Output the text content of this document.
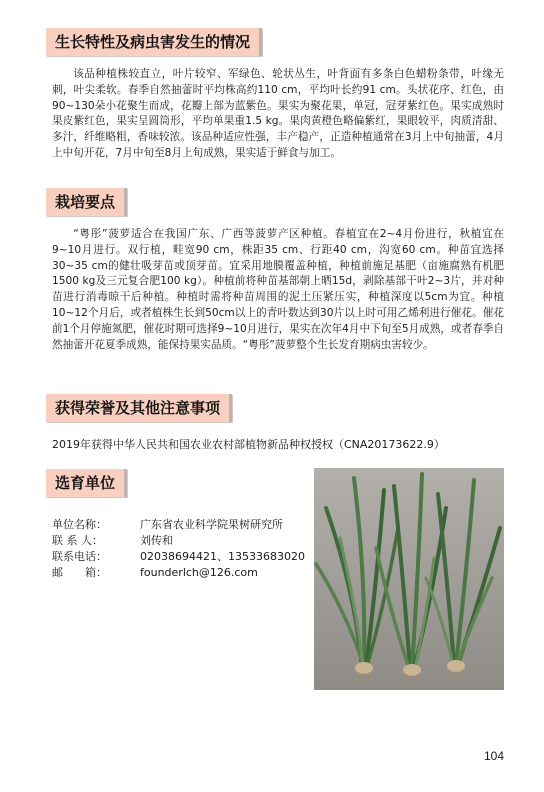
生长特性及病虫害发生的情况

该品种植株较直立，叶片较窄、军绿色、轮状丛生，叶背面有多条白色蜡粉条带，叶缘无刺，叶尖柔软。春季自然抽蕾时平均株高约110 cm，平均叶长约91 cm。头状花序、红色，由90~130朵小花聚生而成，花瓣上部为蓝紫色。果实为聚花果，单冠，冠芽紫红色。果实成熟时果皮紫红色，果实呈圆筒形，平均单果重1.5 kg。果肉黄橙色略偏紫红，果眼较平，肉质清甜、多汁，纤维略粗，香味较浓。该品种适应性强，丰产稳产，正造种植通常在3月上中旬抽蕾，4月上中旬开花，7月中旬至8月上旬成熟，果实适于鲜食与加工。

栽培要点

“粤彤”菠萝适合在我国广东、广西等菠萝产区种植。春植宜在2~4月份进行，秋植宜在9~10月进行。双行植，畦宽90 cm，株距35 cm、行距40 cm，沟宽60 cm。种苗宜选择30~35 cm的健壮吸芽苗或顶芽苗。宜采用地膜覆盖种植，种植前施足基肥（亩施腐熟有机肥1500 kg及三元复合肥100 kg）。种植前将种苗基部朝上晒15d，剥除基部干叶2~3片，并对种苗进行消毒晾干后种植。种植时需将种苗周围的泥土压紧压实，种植深度以5cm为宜。种植10~12个月后，或者植株生长到50cm以上的青叶数达到30片以上时可用乙烯利进行催花。催花前1个月停施氮肥，催花时期可选择9~10月进行，果实在次年4月中下旬至5月成熟，或者春季自然抽蕾开花夏季成熟，能保持果实品质。“粤彤”菠萝整个生长发育期病虫害较少。

获得荣誉及其他注意事项

2019年获得中华人民共和国农业农村部植物新品种权授权（CNA20173622.9）

选育单位
单位名称：	广东省农业科学院果树研究所
联 系 人：	刘传和
联系电话：	02038694421、13533683020
邮　　箱：	founderlch@126.com
104
